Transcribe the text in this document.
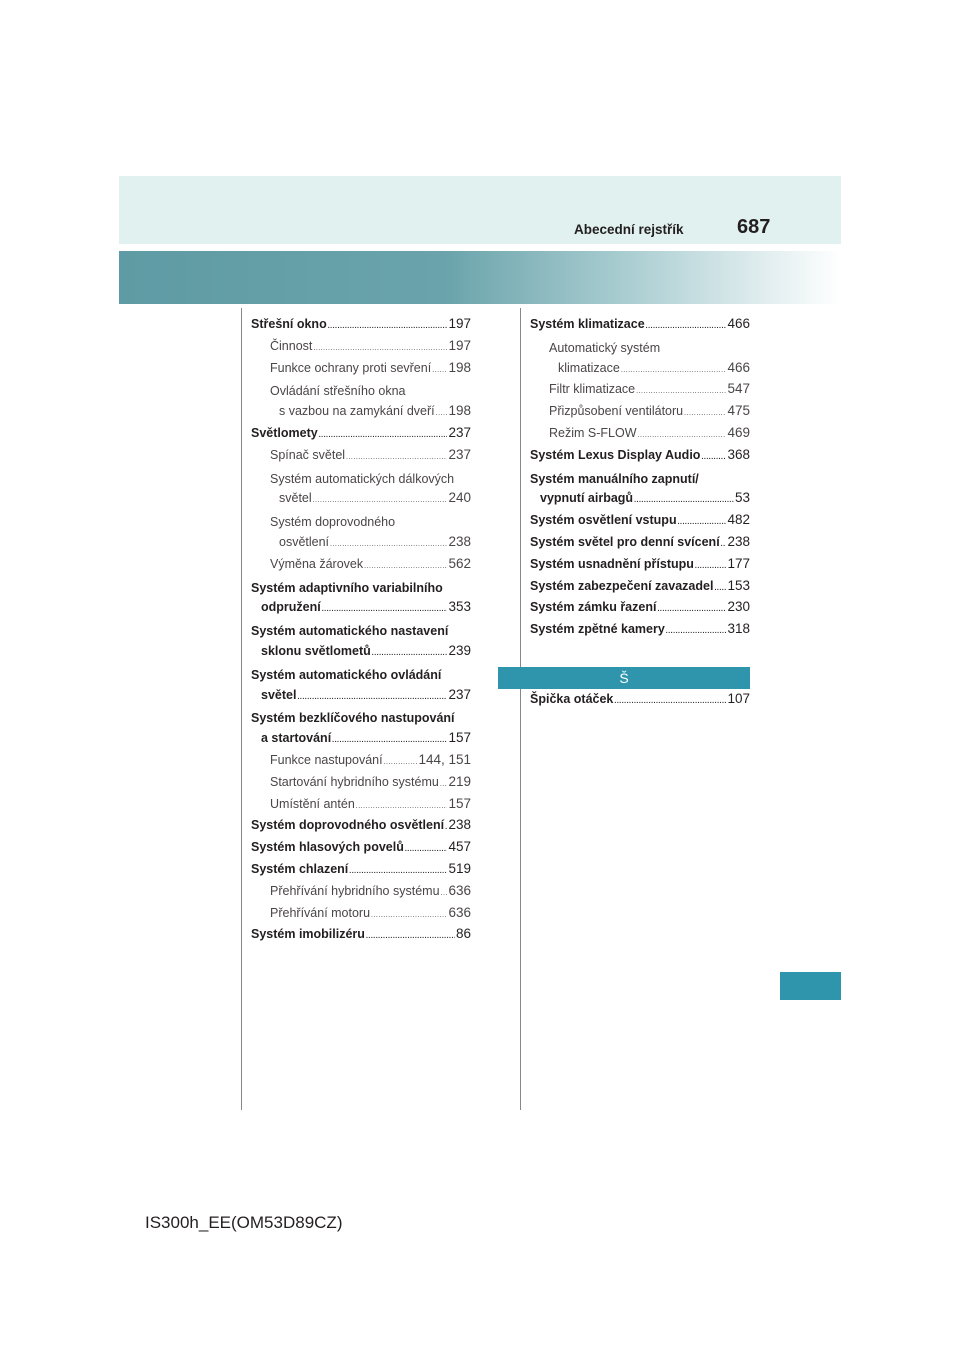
Abecední rejstřík	687
Střešní okno .....	197
Činnost .....	197
Funkce ochrany proti sevření ..... 198
Ovládání střešního okna
s vazbou na zamykání dveří ..... 198
Světlomety .....	237
Spínač světel .....	237
Systém automatických dálkových
světel .....	240
Systém doprovodného
osvětlení .....	238
Výměna žárovek .....	562
Systém adaptivního variabilního
odpružení .....	353
Systém automatického nastavení
sklonu světlometů .....	239
Systém automatického ovládání
světel .....	237
Systém bezklíčového nastupování
a startování .....	157
Funkce nastupování .....	144, 151
Startování hybridního systému ..... 219
Umístění antén .....	157
Systém doprovodného osvětlení ..... 238
Systém hlasových povelů .....	457
Systém chlazení .....	519
Přehřívání hybridního systému ..... 636
Přehřívání motoru .....	636
Systém imobilizéru .....	86
Systém klimatizace .....	466
Automatický systém
klimatizace .....	466
Filtr klimatizace .....	547
Přizpůsobení ventilátoru .....	475
Režim S-FLOW .....	469
Systém Lexus Display Audio ..... 368
Systém manuálního zapnutí/
vypnutí airbagů .....	53
Systém osvětlení vstupu .....	482
Systém světel pro denní svícení ..... 238
Systém usnadnění přístupu ..... 177
Systém zabezpečení zavazadel ..... 153
Systém zámku řazení .....	230
Systém zpětné kamery .....	318
Š
Špička otáček .....	107
IS300h_EE(OM53D89CZ)
